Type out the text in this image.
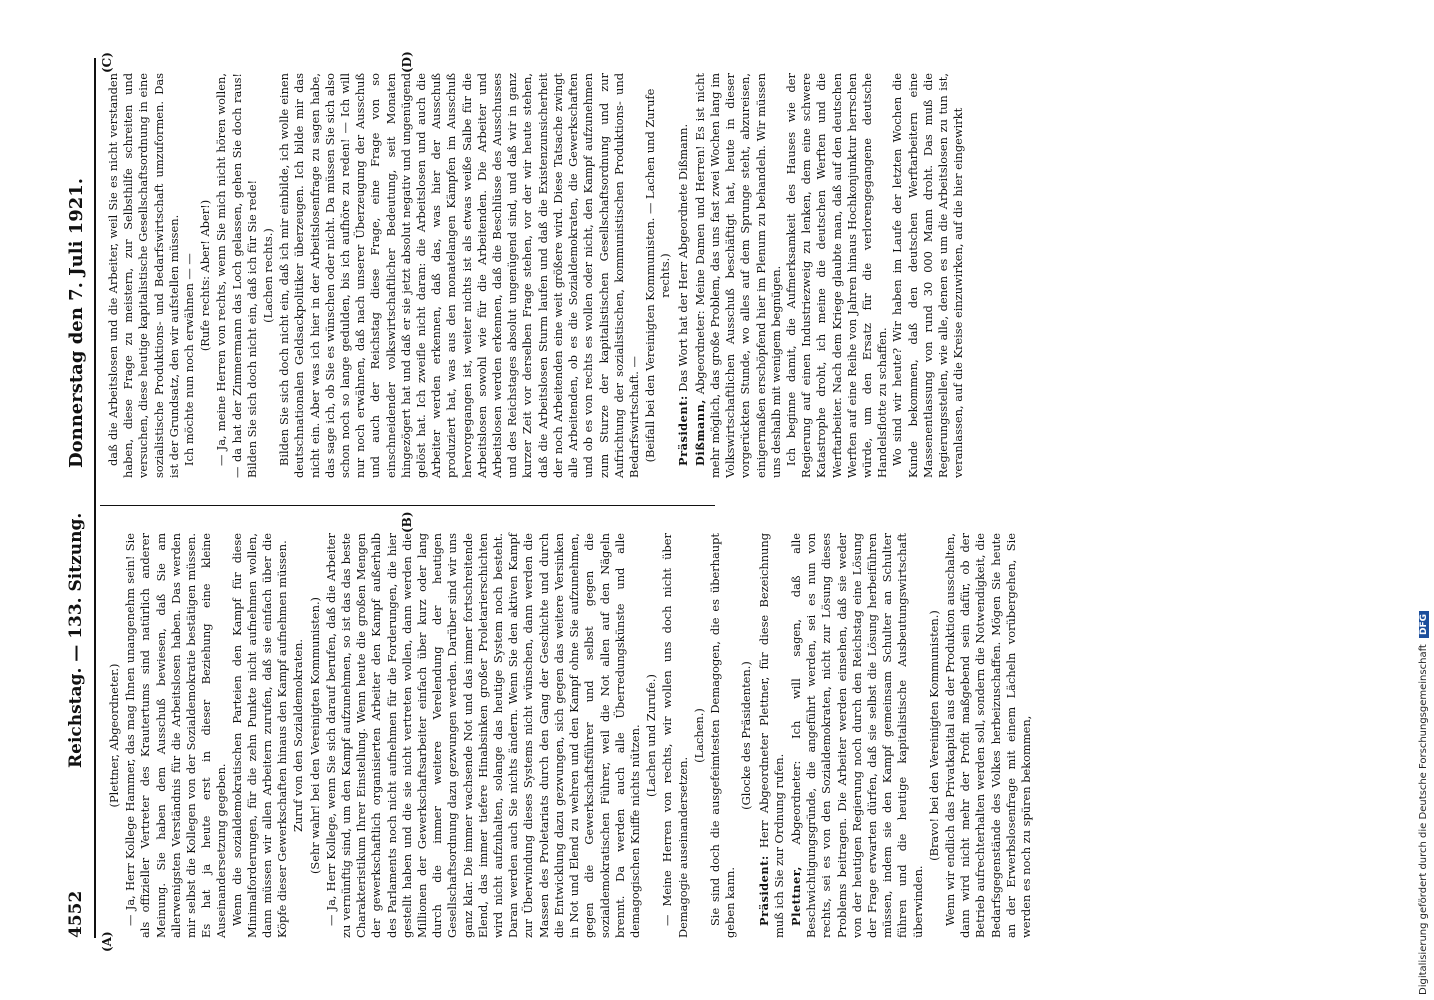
4552
Reichstag. — 133. Sitzung.
Donnerstag den 7. Juli 1921.
(A)
(B)
(C)	(D)

(Plettner, Abgeordneter.) — Ja, Herr Kollege Hammer, das mag Ihnen unangenehm sein! Sie als offizieller Vertreter des Krautertums sind natürlich anderer Meinung. Sie haben dem Ausschuß bewiesen, daß Sie am allerwenigsten Verständnis für die Arbeitslosen haben. Das werden mir selbst die Kollegen von der Sozialdemokratie bestätigen müssen. Es hat ja heute erst in dieser Beziehung eine kleine Auseinandersetzung gegeben. Wenn die sozialdemokratischen Parteien den Kampf für diese Minimalforderungen, für die zehn Punkte nicht aufnehmen wollen, dann müssen wir allen Arbeitern zurufen, daß sie einfach über die Köpfe dieser Gewerkschaften hinaus den Kampf aufnehmen müssen. Zuruf von den Sozialdemokraten. (Sehr wahr! bei den Vereinigten Kommunisten.) — Ja, Herr Kollege, wenn Sie sich darauf berufen, daß die Arbeiter zu vernünftig sind, um den Kampf aufzunehmen, so ist das das beste Charakteristikum Ihrer Einstellung. Wenn heute die großen Mengen der gewerkschaftlich organisierten Arbeiter den Kampf außerhalb des Parlaments noch nicht aufnehmen für die Forderungen, die hier gestellt haben und die sie nicht vertreten wollen, dann werden die Millionen der Gewerkschaftsarbeiter einfach über kurz oder lang durch die immer weitere Verelendung der heutigen Gesellschaftsordnung dazu gezwungen werden. Darüber sind wir uns ganz klar. Die immer wachsende Not und das immer fortschreitende Elend, das immer tiefere Hinabsinken großer Proletarierschichten wird nicht aufzuhalten, solange das heutige System noch besteht. Daran werden auch Sie nichts ändern. Wenn Sie den aktiven Kampf zur Überwindung dieses Systems nicht wünschen, dann werden die Massen des Proletariats durch den Gang der Geschichte und durch die Entwicklung dazu gezwungen, sich gegen das weitere Versinken in Not und Elend zu wehren und den Kampf ohne Sie aufzunehmen, gegen die Gewerkschaftsführer und selbst gegen die sozialdemokratischen Führer, weil die Not allen auf den Nägeln brennt. Da werden auch alle Überredungskünste und alle demagogischen Kniffe nichts nützen. (Lachen und Zurufe.) — Meine Herren von rechts, wir wollen uns doch nicht über Demagogie auseinandersetzen.

(Lachen.) Sie sind doch die ausgefeimtesten Demagogen, die es überhaupt geben kann.

(Glocke des Präsidenten.)

Präsident: Herr Abgeordneter Plettner, für diese Bezeichnung muß ich Sie zur Ordnung rufen. Plettner, Abgeordneter: Ich will sagen, daß alle Beschwichtigungsgründe, die angeführt werden, sei es nun von rechts, sei es von den Sozialdemokraten, nicht zur Lösung dieses Problems beitragen. Die Arbeiter werden einsehen, daß sie weder von der heutigen Regierung noch durch den Reichstag eine Lösung der Frage erwarten dürfen, daß sie selbst die Lösung herbeiführen müssen, indem sie den Kampf gemeinsam Schulter an Schulter führen und die heutige kapitalistische Ausbeutungswirtschaft überwinden.

(Bravo! bei den Vereinigten Kommunisten.) Wenn wir endlich das Privatkapital aus der Produktion ausschalten, dann wird nicht mehr der Profit maßgebend sein dafür, ob der Betrieb aufrechterhalten werden soll, sondern die Notwendigkeit, die Bedarfsgegenstände des Volkes herbeizuschaffen. Mögen Sie heute an der Erwerbslosenfrage mit einem Lächeln vorübergehen, Sie werden es noch zu spüren bekommen,

daß die Arbeitslosen und die Arbeiter, weil Sie es nicht verstanden haben, diese Frage zu meistern, zur Selbsthilfe schreiten und versuchen, diese heutige kapitalistische Gesellschaftsordnung in eine sozialistische Produktions- und Bedarfswirtschaft umzuformen. Das ist der Grundsatz, den wir aufstellen müssen. Ich möchte nun noch erwähnen — — (Rufe rechts: Aber! Aber!) — Ja, meine Herren von rechts, wenn Sie mich nicht hören wollen, — da hat der Zimmermann das Loch gelassen, gehen Sie doch raus! Bilden Sie sich doch nicht ein, daß ich für Sie rede! (Lachen rechts.) Bilden Sie sich doch nicht ein, daß ich mir einbilde, ich wolle einen deutschnationalen Geldsackpolitiker überzeugen. Ich bilde mir das nicht ein. Aber was ich hier in der Arbeitslosenfrage zu sagen habe, das sage ich, ob Sie es wünschen oder nicht. Da müssen Sie sich also schon noch so lange gedulden, bis ich aufhöre zu reden! — Ich will nur noch erwähnen, daß nach unserer Überzeugung der Ausschuß und auch der Reichstag diese Frage, eine Frage von so einschneidender volkswirtschaftlicher Bedeutung, seit Monaten hingezögert hat und daß er sie jetzt absolut negativ und ungenügend gelöst hat. Ich zweifle nicht daran: die Arbeitslosen und auch die Arbeiter werden erkennen, daß das, was hier der Ausschuß produziert hat, was aus den monatelangen Kämpfen im Ausschuß hervorgegangen ist, weiter nichts ist als etwas weiße Salbe für die Arbeitslosen sowohl wie für die Arbeitenden. Die Arbeiter und Arbeitslosen werden erkennen, daß die Beschlüsse des Ausschusses und des Reichstages absolut ungenügend sind, und daß wir in ganz kurzer Zeit vor derselben Frage stehen, vor der wir heute stehen, daß die Arbeitslosen Sturm laufen und daß die Existenzunsicherheit der noch Arbeitenden eine weit größere wird. Diese Tatsache zwingt alle Arbeitenden, ob es die Sozialdemokraten, die Gewerkschaften und ob es von rechts es wollen oder nicht, den Kampf aufzunehmen zum Sturze der kapitalistischen Gesellschaftsordnung und zur Aufrichtung der sozialistischen, kommunistischen Produktions- und Bedarfswirtschaft. — (Beifall bei den Vereinigten Kommunisten. — Lachen und Zurufe rechts.)

Präsident: Das Wort hat der Herr Abgeordnete Dißmann.

Dißmann, Abgeordneter: Meine Damen und Herren! Es ist nicht mehr möglich, das große Problem, das uns fast zwei Wochen lang im Volkswirtschaftlichen Ausschuß beschäftigt hat, heute in dieser vorgerückten Stunde, wo alles auf dem Sprunge steht, abzureisen, einigermaßen erschöpfend hier im Plenum zu behandeln. Wir müssen uns deshalb mit wenigem begnügen. Ich beginne damit, die Aufmerksamkeit des Hauses wie der Regierung auf einen Industriezweig zu lenken, dem eine schwere Katastrophe droht, ich meine die deutschen Werften und die Werftarbeiter. Nach dem Kriege glaubte man, daß auf den deutschen Werften auf eine Reihe von Jahren hinaus Hochkonjunktur herrschen würde, um den Ersatz für die verlorengegangene deutsche Handelsflotte zu schaffen. Wo sind wir heute? Wir haben im Laufe der letzten Wochen die Kunde bekommen, daß den deutschen Werftarbeitern eine Massenentlassung von rund 30 000 Mann droht. Das muß die Regierungsstellen, wie alle, denen es um die Arbeitslosen zu tun ist, veranlassen, auf die Kreise einzuwirken, auf die hier eingewirkt

Digitalisierung gefördert durch die Deutsche Forschungsgemeinschaft DFG
